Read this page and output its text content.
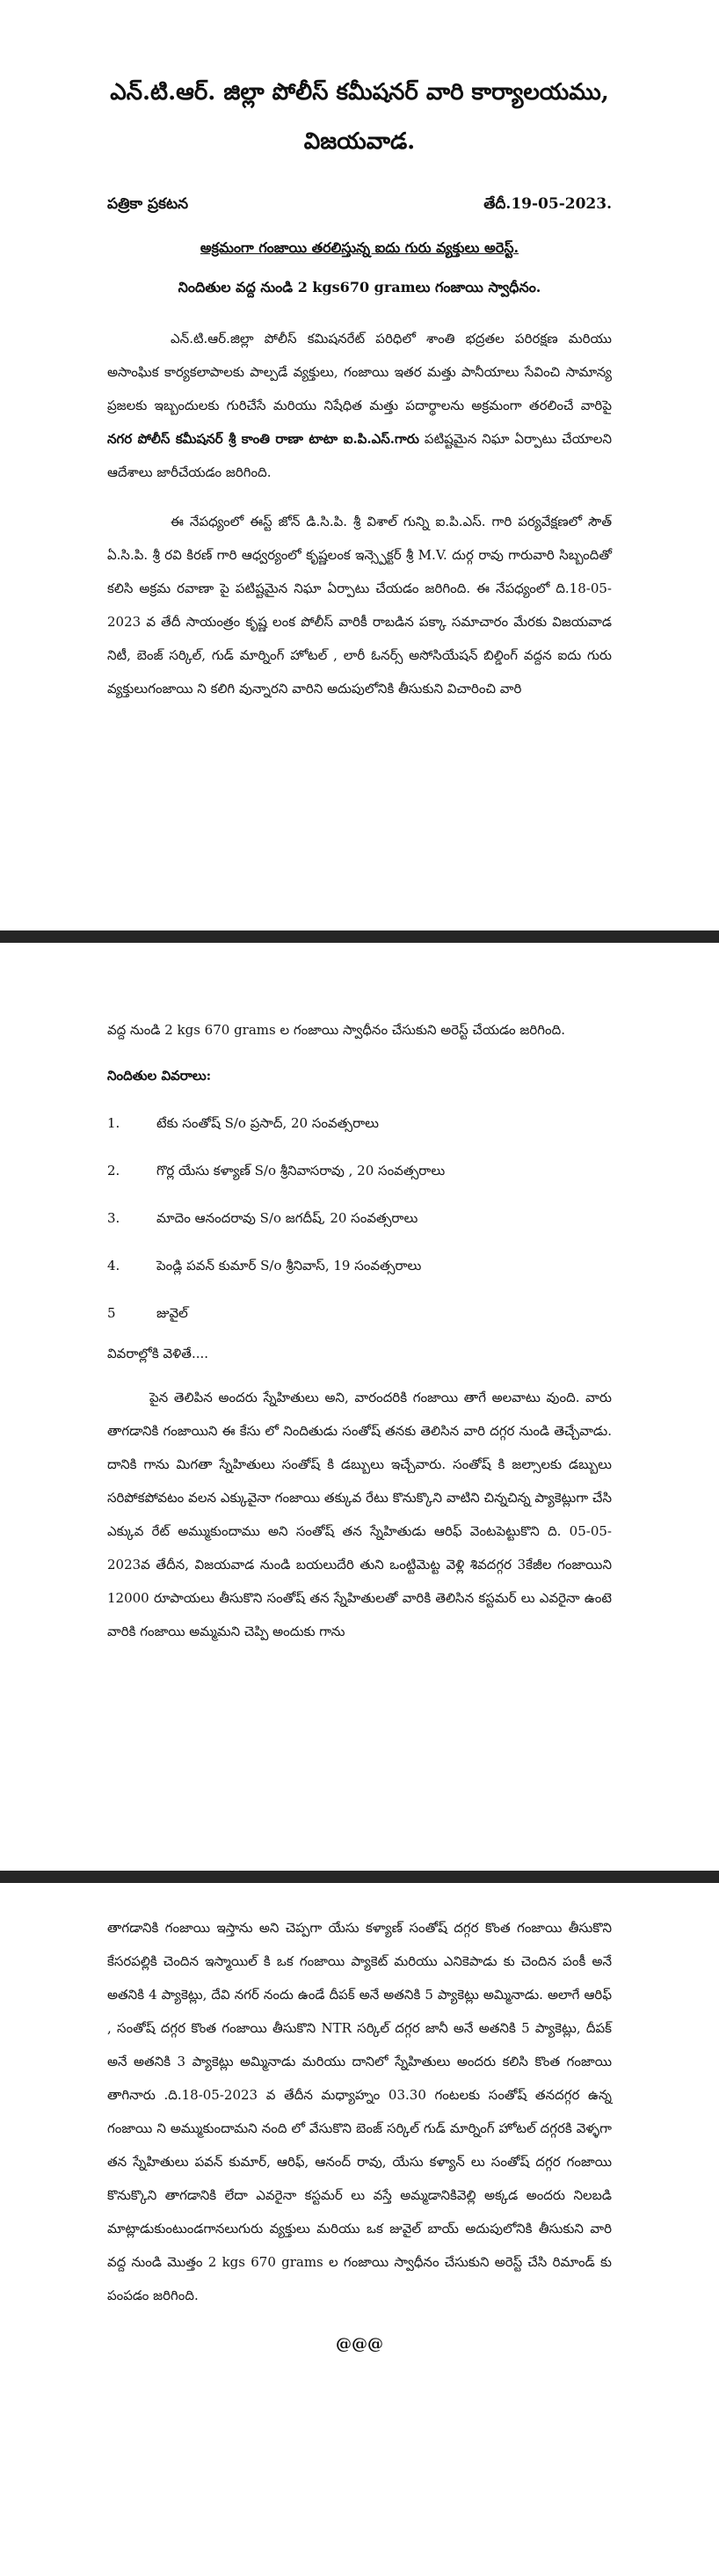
ఎన్.టి.ఆర్. జిల్లా పోలీస్ కమీషనర్ వారి కార్యాలయము,
విజయవాడ.
పత్రికా ప్రకటన	తేదీ.19-05-2023.
అక్రమంగా గంజాయి తరలిస్తున్న ఐదు గురు వ్యక్తులు అరెస్ట్.
నిందితుల వద్ద నుండి 2 kgs670 gramలు గంజాయి స్వాధీనం.

ఎన్.టి.ఆర్.జిల్లా పోలీస్ కమిషనరేట్ పరిధిలో శాంతి భద్రతల పరిరక్షణ మరియు అసాంఘిక కార్యకలాపాలకు పాల్పడే వ్యక్తులు, గంజాయి ఇతర మత్తు పానీయాలు సేవించి సామాన్య ప్రజలకు ఇబ్బందులకు గురిచేసే మరియు నిషేధిత మత్తు పదార్థాలను అక్రమంగా తరలించే వారిపై నగర పోలీస్ కమీషనర్ శ్రీ కాంతి రాణా టాటా ఐ.పి.ఎస్.గారు పటిష్టమైన నిఘా ఏర్పాటు చేయాలని ఆదేశాలు జారీచేయడం జరిగింది.

ఈ నేపధ్యంలో ఈస్ట్ జోన్ డి.సి.పి. శ్రీ విశాల్ గున్ని ఐ.పి.ఎస్. గారి పర్యవేక్షణలో సౌత్ ఏ.సి.పి. శ్రీ రవి కిరణ్ గారి ఆధ్వర్యంలో కృష్ణలంక ఇన్స్పెక్టర్ శ్రీ M.V. దుర్గ రావు గారువారి సిబ్బందితో కలిసి అక్రమ రవాణా పై పటిష్టమైన నిఘా ఏర్పాటు చేయడం జరిగింది. ఈ నేపధ్యంలో ది.18-05-2023 వ తేదీ సాయంత్రం కృష్ణ లంక పోలీస్ వారికీ రాబడిన పక్కా సమాచారం మేరకు విజయవాడ నిటీ, బెంజ్ సర్కిల్, గుడ్ మార్నింగ్ హోటల్ , లారీ ఓనర్స్ అసోసియేషన్ బిల్డింగ్ వద్దన ఐదు గురు వ్యక్తులుగంజాయి ని కలిగి వున్నారని వారిని అదుపులోనికి తీసుకుని విచారించి వారి

వద్ద నుండి 2 kgs 670 grams ల గంజాయి స్వాధీనం చేసుకుని అరెస్ట్ చేయడం జరిగింది.

నిందితుల వివరాలు:
1.	టేకు సంతోష్ S/o ప్రసాద్, 20 సంవత్సరాలు
2.	గొర్ల యేసు కళ్యాణ్ S/o శ్రీనివాసరావు , 20 సంవత్సరాలు
3.	మాదెం ఆనందరావు S/o జగదీష్, 20 సంవత్సరాలు
4.	పెండ్లి పవన్ కుమార్ S/o శ్రీనివాస్, 19 సంవత్సరాలు
5	జువైల్
వివరాల్లోకి వెళితే....

పైన తెలిపిన అందరు స్నేహితులు అని, వారందరికి గంజాయి తాగే అలవాటు వుంది. వారు తాగడానికి గంజాయిని ఈ కేసు లో నిందితుడు సంతోష్ తనకు తెలిసిన వారి దగ్గర నుండి తెచ్చేవాడు. దానికి గాను మిగతా స్నేహితులు సంతోష్ కి డబ్బులు ఇచ్చేవారు. సంతోష్ కి జల్సాలకు డబ్బులు సరిపోకపోవటం వలన ఎక్కువైనా గంజాయి తక్కువ రేటు కొనుక్కొని వాటిని చిన్నచిన్న ప్యాకెట్లుగా చేసి ఎక్కువ రేట్ అమ్ముకుందాము అని సంతోష్ తన స్నేహితుడు ఆరిఫ్ వెంటపెట్టుకొని ది. 05-05-2023వ తేదీన, విజయవాడ నుండి బయలుదేరి తుని ఒంట్టిమెట్ట వెళ్లి శివదగ్గర 3కేజీల గంజాయిని 12000 రూపాయలు తీసుకొని సంతోష్ తన స్నేహితులతో వారికి తెలిసిన కస్టమర్ లు ఎవరైనా ఉంటె వారికి గంజాయి అమ్మమని చెప్పి అందుకు గాను

తాగడానికి గంజాయి ఇస్తాను అని చెప్పగా యేసు కళ్యాణ్ సంతోష్ దగ్గర కొంత గంజాయి తీసుకొని కేసరపల్లికి చెందిన ఇస్మాయిల్ కి ఒక గంజాయి ప్యాకెట్ మరియు ఎనికెపాడు కు చెందిన పంకీ అనే అతనికి 4 ప్యాకెట్లు, దేవి నగర్ నందు ఉండే దీపక్ అనే అతనికి 5 ప్యాకెట్లు అమ్మినాడు. అలాగే ఆరిఫ్ , సంతోష్ దగ్గర కొంత గంజాయి తీసుకొని NTR సర్కిల్ దగ్గర జానీ అనే అతనికి 5 ప్యాకెట్లు, దీపక్ అనే అతనికి 3 ప్యాకెట్లు అమ్మినాడు మరియు దానిలో స్నేహితులు అందరు కలిసి కొంత గంజాయి తాగినారు .ది.18-05-2023 వ తేదీన మధ్యాహ్నం 03.30 గంటలకు సంతోష్ తనదగ్గర ఉన్న గంజాయి ని అమ్ముకుందామని నంది లో వేసుకొని బెంజ్ సర్కిల్ గుడ్ మార్నింగ్ హోటల్ దగ్గరకి వెళ్ళగా తన స్నేహితులు పవన్ కుమార్, ఆరిఫ్, ఆనంద్ రావు, యేసు కళ్యాన్ లు సంతోష్ దగ్గర గంజాయి కొనుక్కొని తాగడానికి లేదా ఎవరైనా కస్టమర్ లు వస్తే అమ్మడానికివెల్లి అక్కడ అందరు నిలబడి మాట్లాడుకుంటుండగానలుగురు వ్యక్తులు మరియు ఒక జువైల్ బాయ్ అదుపులోనికి తీసుకుని వారి వద్ద నుండి మొత్తం 2 kgs 670 grams ల గంజాయి స్వాధీనం చేసుకుని అరెస్ట్ చేసి రిమాండ్ కు పంపడం జరిగింది.

@@@
